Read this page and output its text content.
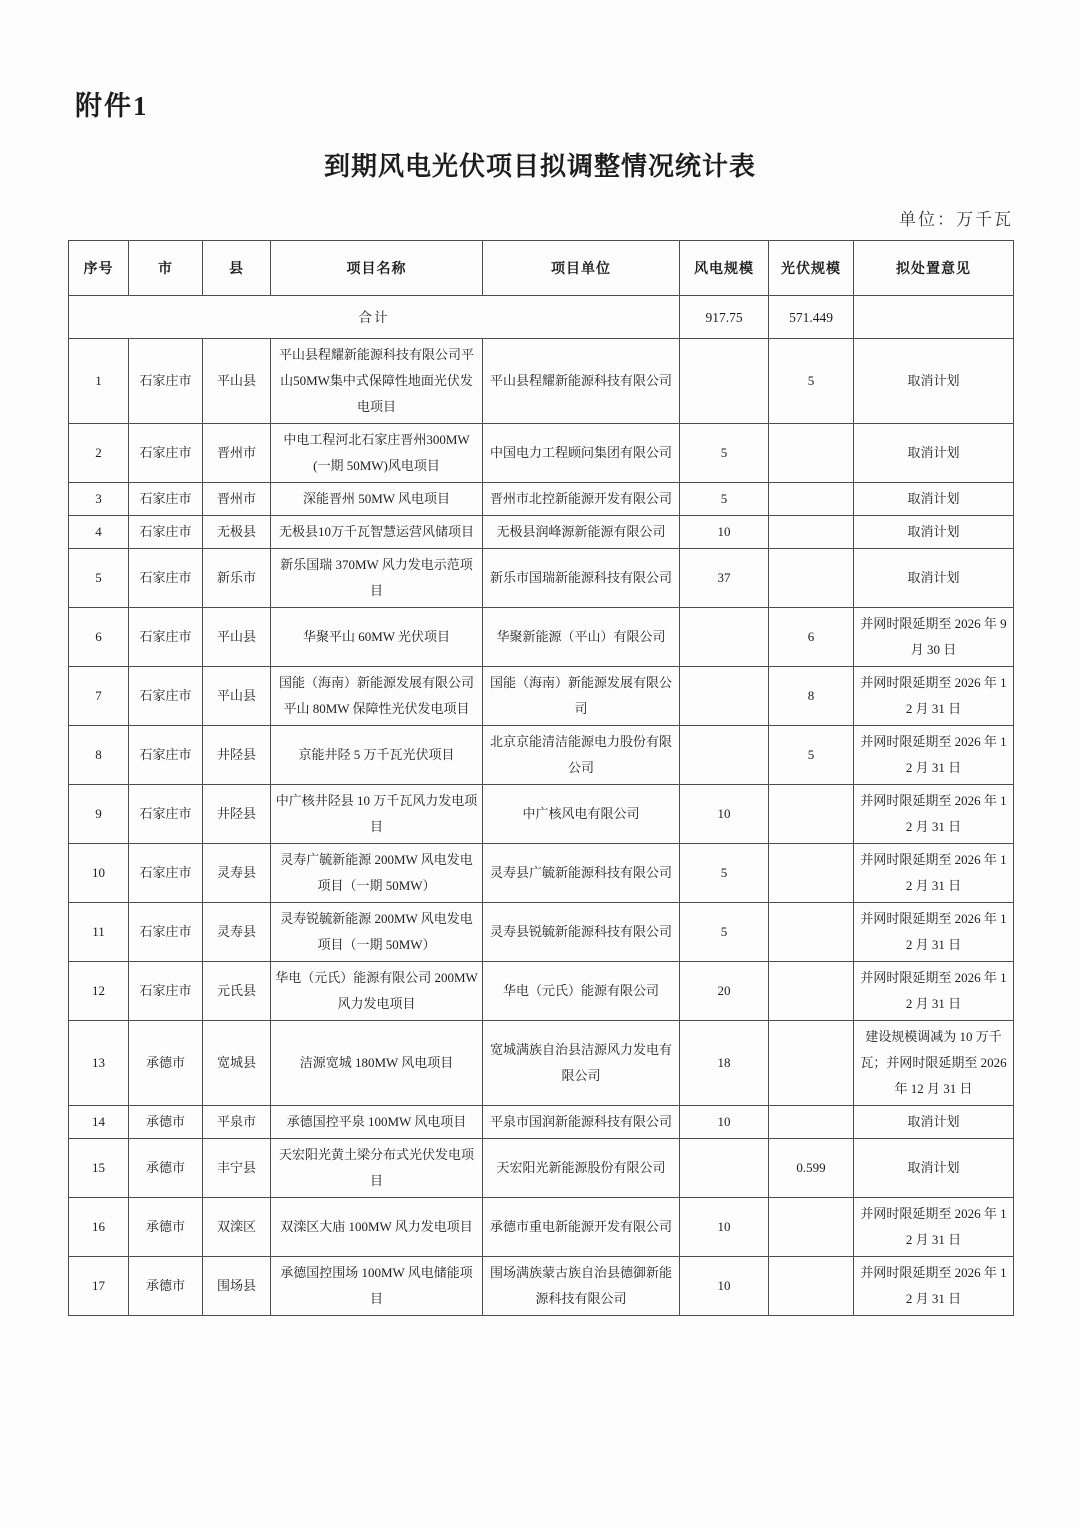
附件1
到期风电光伏项目拟调整情况统计表
单位：万千瓦
序号	市	县	项目名称	项目单位	风电规模	光伏规模	拟处置意见
合计					917.75	571.449	
1	石家庄市	平山县	平山县程耀新能源科技有限公司平山50MW集中式保障性地面光伏发电项目	平山县程耀新能源科技有限公司		5	取消计划
2	石家庄市	晋州市	中电工程河北石家庄晋州300MW(一期 50MW)风电项目	中国电力工程顾问集团有限公司	5		取消计划
3	石家庄市	晋州市	深能晋州 50MW 风电项目	晋州市北控新能源开发有限公司	5		取消计划
4	石家庄市	无极县	无极县10万千瓦智慧运营风储项目	无极县润峰源新能源有限公司	10		取消计划
5	石家庄市	新乐市	新乐国瑞 370MW 风力发电示范项目	新乐市国瑞新能源科技有限公司	37		取消计划
6	石家庄市	平山县	华聚平山 60MW 光伏项目	华聚新能源（平山）有限公司		6	并网时限延期至 2026 年 9 月 30 日
7	石家庄市	平山县	国能（海南）新能源发展有限公司平山 80MW 保障性光伏发电项目	国能（海南）新能源发展有限公司		8	并网时限延期至 2026 年 12 月 31 日
8	石家庄市	井陉县	京能井陉 5 万千瓦光伏项目	北京京能清洁能源电力股份有限公司		5	并网时限延期至 2026 年 12 月 31 日
9	石家庄市	井陉县	中广核井陉县 10 万千瓦风力发电项目	中广核风电有限公司	10		并网时限延期至 2026 年 12 月 31 日
10	石家庄市	灵寿县	灵寿广毓新能源 200MW 风电发电项目（一期 50MW）	灵寿县广毓新能源科技有限公司	5		并网时限延期至 2026 年 12 月 31 日
11	石家庄市	灵寿县	灵寿锐毓新能源 200MW 风电发电项目（一期 50MW）	灵寿县锐毓新能源科技有限公司	5		并网时限延期至 2026 年 12 月 31 日
12	石家庄市	元氏县	华电（元氏）能源有限公司 200MW 风力发电项目	华电（元氏）能源有限公司	20		并网时限延期至 2026 年 12 月 31 日
13	承德市	宽城县	洁源宽城 180MW 风电项目	宽城满族自治县洁源风力发电有限公司	18		建设规模调减为 10 万千瓦；并网时限延期至 2026 年 12 月 31 日
14	承德市	平泉市	承德国控平泉 100MW 风电项目	平泉市国润新能源科技有限公司	10		取消计划
15	承德市	丰宁县	天宏阳光黄土梁分布式光伏发电项目	天宏阳光新能源股份有限公司		0.599	取消计划
16	承德市	双滦区	双滦区大庙 100MW 风力发电项目	承德市重电新能源开发有限公司	10		并网时限延期至 2026 年 12 月 31 日
17	承德市	围场县	承德国控围场 100MW 风电储能项目	围场满族蒙古族自治县德御新能源科技有限公司	10		并网时限延期至 2026 年 12 月 31 日
